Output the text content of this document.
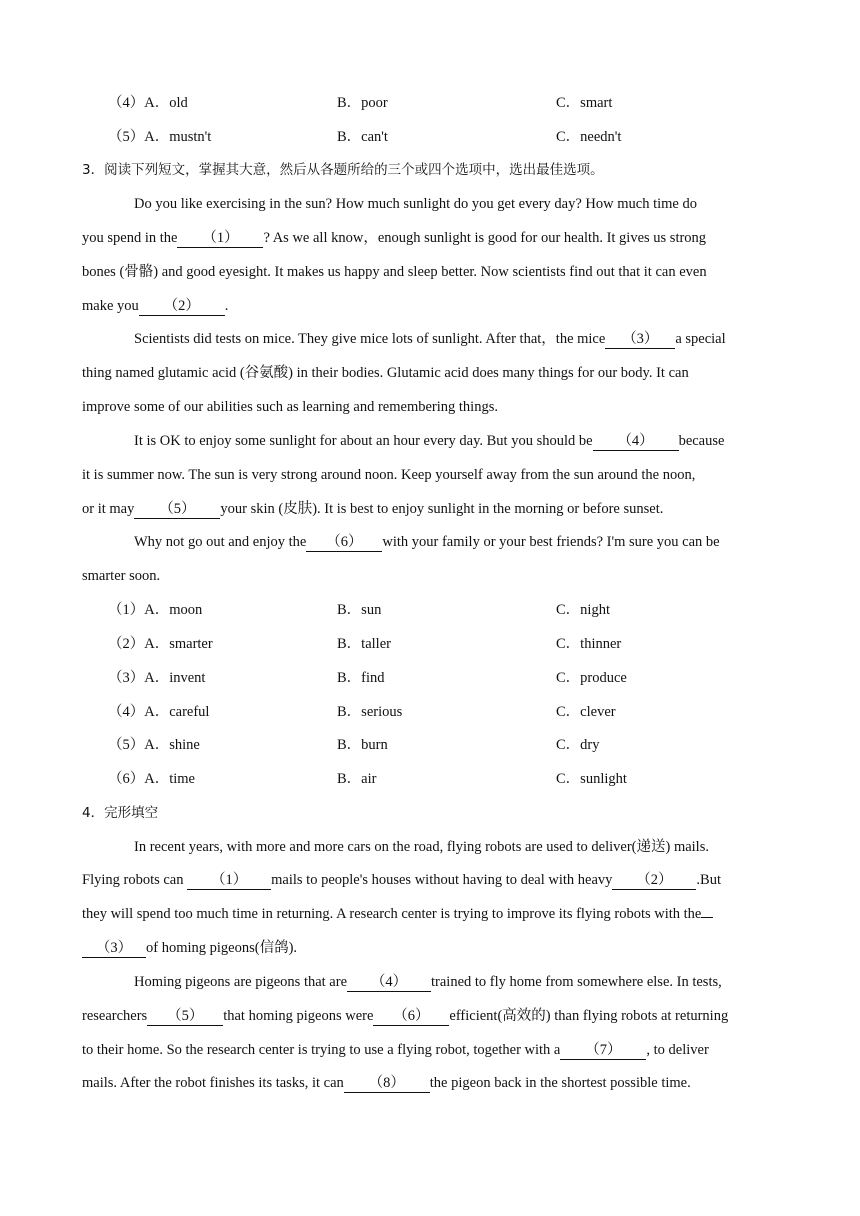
（4）A．old	B．poor	C．smart
（5）A．mustn't	B．can't	C．needn't
3．阅读下列短文，掌握其大意，然后从各题所给的三个或四个选项中，选出最佳选项。
Do you like exercising in the sun? How much sunlight do you get every day? How much time do
you spend in the （1） ? As we all know，enough sunlight is good for our health. It gives us strong
bones (骨骼) and good eyesight. It makes us happy and sleep better. Now scientists find out that it can even
make you （2） .
Scientists did tests on mice. They give mice lots of sunlight. After that，the mice （3） a special
thing named glutamic acid (谷氨酸) in their bodies. Glutamic acid does many things for our body. It can
improve some of our abilities such as learning and remembering things.
It is OK to enjoy some sunlight for about an hour every day. But you should be （4） because
it is summer now. The sun is very strong around noon. Keep yourself away from the sun around the noon,
or it may （5） your skin (皮肤). It is best to enjoy sunlight in the morning or before sunset.
Why not go out and enjoy the （6） with your family or your best friends? I'm sure you can be
smarter soon.
（1）A．moon	B．sun	C．night
（2）A．smarter	B．taller	C．thinner
（3）A．invent	B．find	C．produce
（4）A．careful	B．serious	C．clever
（5）A．shine	B．burn	C．dry
（6）A．time	B．air	C．sunlight
4．完形填空
In recent years, with more and more cars on the road, flying robots are used to deliver(递送) mails.
Flying robots can （1） mails to people's houses without having to deal with heavy （2） .But
they will spend too much time in returning. A research center is trying to improve its flying robots with the
（3） of homing pigeons(信鸽).
Homing pigeons are pigeons that are （4） trained to fly home from somewhere else. In tests,
researchers （5） that homing pigeons were （6） efficient(高效的) than flying robots at returning
to their home. So the research center is trying to use a flying robot, together with a （7） , to deliver
mails. After the robot finishes its tasks, it can （8） the pigeon back in the shortest possible time.
